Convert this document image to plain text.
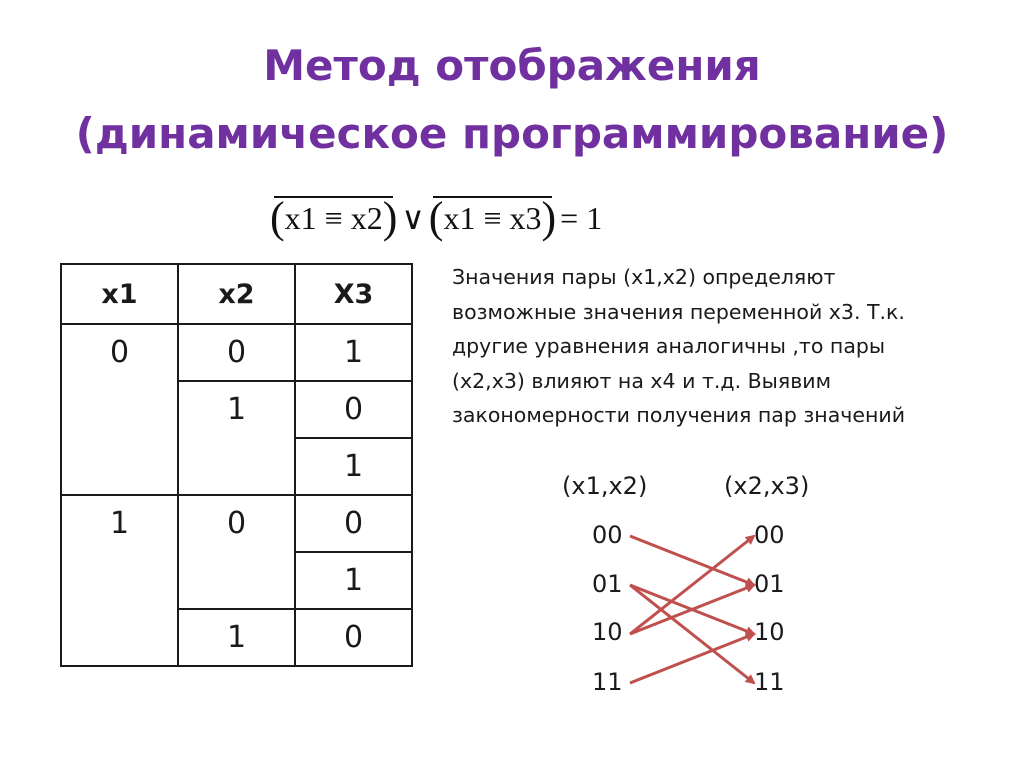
Метод отображения
(динамическое программирование)
( x1 ≡ x2 ) ∨ ( x1 ≡ x3 ) = 1
x1	x2	X3
0	0	1
	1	0
		1
1	0	0
		1
	1	0
Значения пары (x1,x2) определяют
возможные значения переменной x3. Т.к.
другие уравнения аналогичны ,то пары
(x2,x3) влияют на x4 и т.д. Выявим
закономерности получения пар значений
(x1,x2)	(x2,x3)
00
01
10
11
00
01
10
11
